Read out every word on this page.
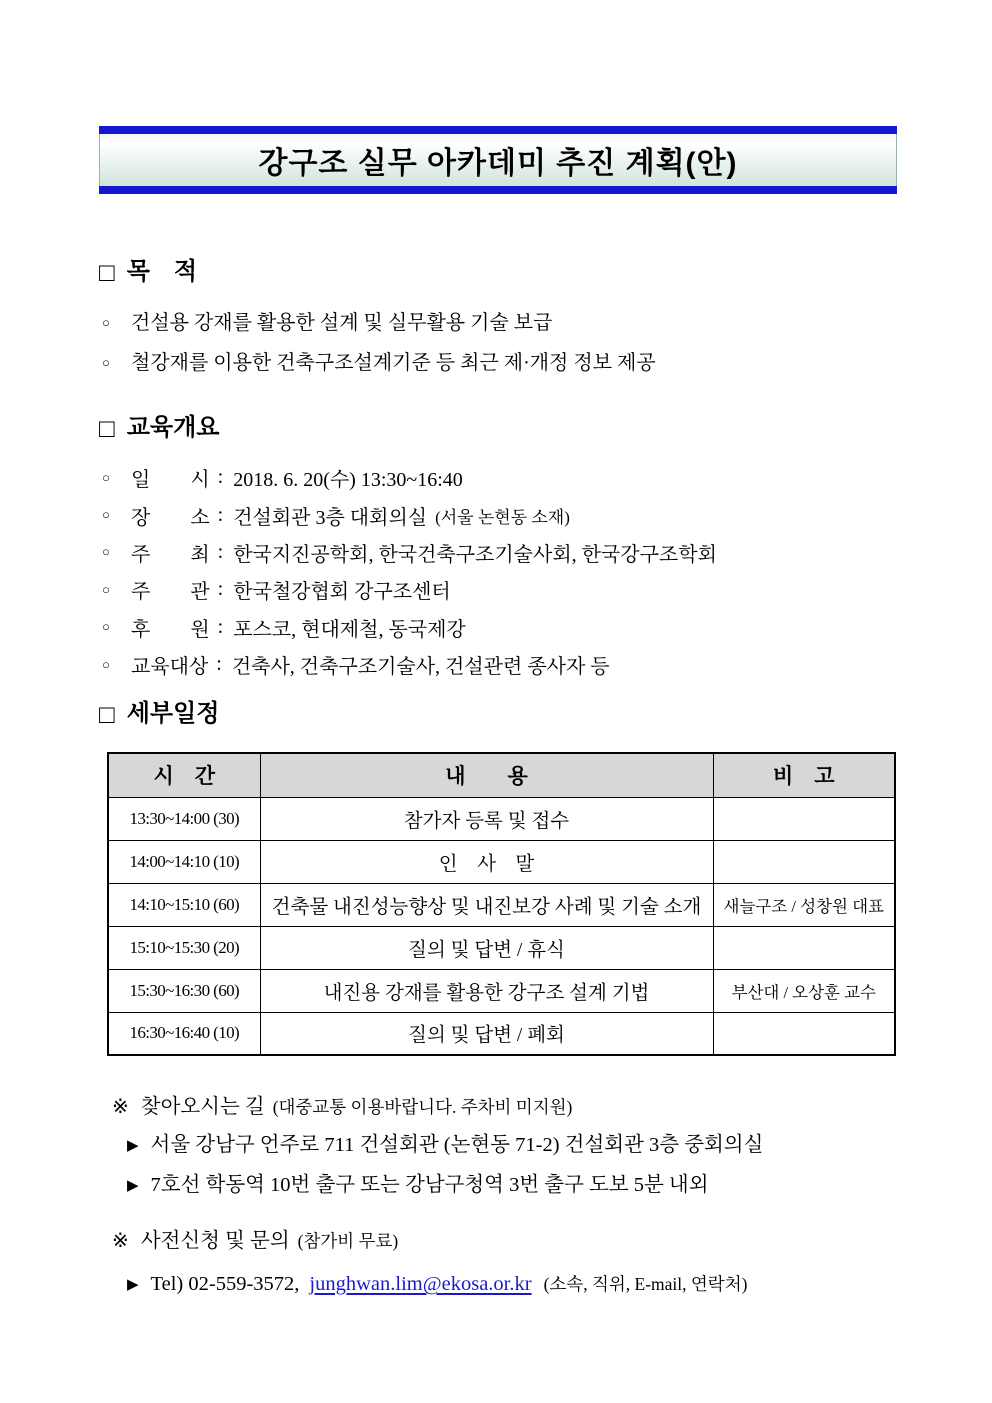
강구조 실무 아카데미 추진 계획(안)
□ 목　적
○	건설용 강재를 활용한 설계 및 실무활용 기술 보급
○	철강재를 이용한 건축구조설계기준 등 최근 제·개정 정보 제공
□ 교육개요
○	일　　시 : 2018. 6. 20(수) 13:30~16:40
○	장　　소 : 건설회관 3층 대회의실 (서울 논현동 소재)
○	주　　최 : 한국지진공학회, 한국건축구조기술사회, 한국강구조학회
○	주　　관 : 한국철강협회 강구조센터
○	후　　원 : 포스코, 현대제철, 동국제강
○	교육대상 : 건축사, 건축구조기술사, 건설관련 종사자 등
□ 세부일정
시　간	내　　용	비　고
13:30~14:00 (30)	참가자 등록 및 접수	
14:00~14:10 (10)	인　사　말	
14:10~15:10 (60)	건축물 내진성능향상 및 내진보강 사례 및 기술 소개	새늘구조 / 성창원 대표
15:10~15:30 (20)	질의 및 답변 / 휴식	
15:30~16:30 (60)	내진용 강재를 활용한 강구조 설계 기법	부산대 / 오상훈 교수
16:30~16:40 (10)	질의 및 답변 / 폐회	
※ 찾아오시는 길 (대중교통 이용바랍니다. 주차비 미지원)
▶ 서울 강남구 언주로 711 건설회관 (논현동 71-2) 건설회관 3층 중회의실
▶ 7호선 학동역 10번 출구 또는 강남구청역 3번 출구 도보 5분 내외
※ 사전신청 및 문의 (참가비 무료)
▶ Tel) 02-559-3572, junghwan.lim@ekosa.or.kr (소속, 직위, E-mail, 연락처)
